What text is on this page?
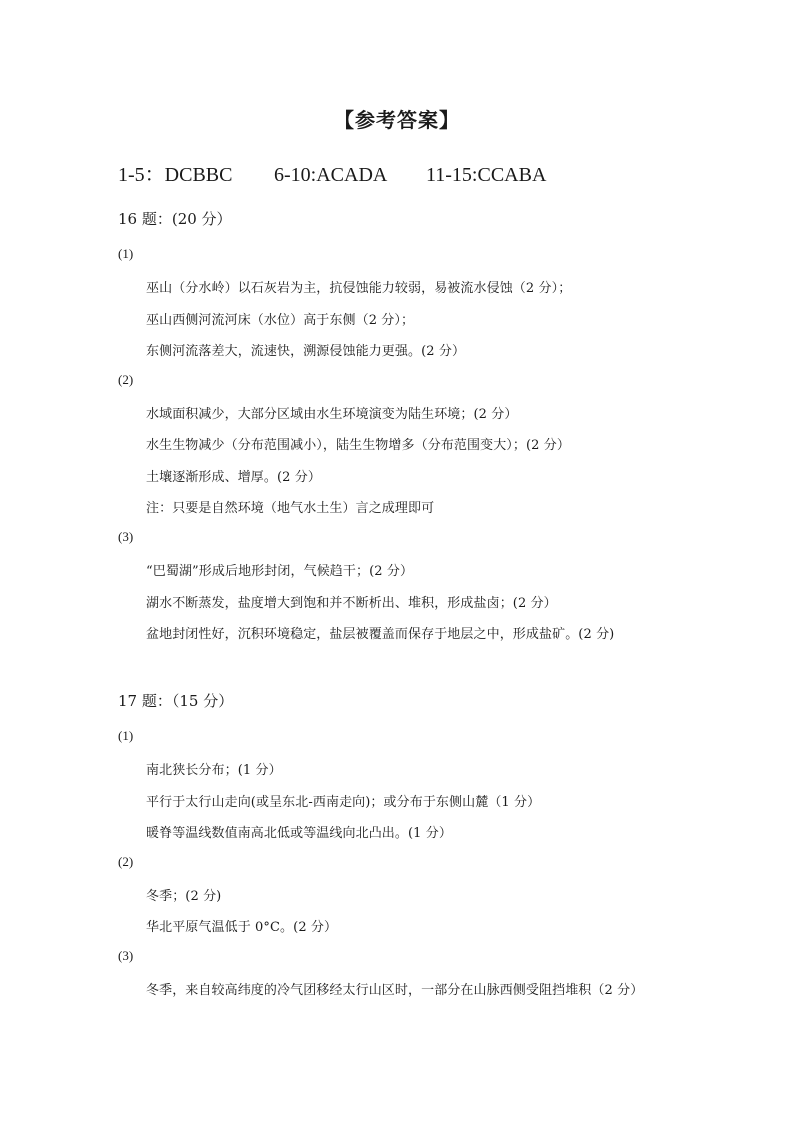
【参考答案】
1-5：DCBBC 6-10:ACADA 11-15:CCABA
16 题：(20 分）
(1)
巫山（分水岭）以石灰岩为主，抗侵蚀能力较弱，易被流水侵蚀（2 分）；
巫山西侧河流河床（水位）高于东侧（2 分）；
东侧河流落差大，流速快，溯源侵蚀能力更强。(2 分）
(2)
水域面积减少，大部分区域由水生环境演变为陆生环境；(2 分）
水生生物减少（分布范围减小），陆生生物增多（分布范围变大）；(2 分）
土壤逐渐形成、增厚。(2 分）
注：只要是自然环境（地气水土生）言之成理即可
(3)
“巴蜀湖”形成后地形封闭，气候趋干；(2 分）
湖水不断蒸发，盐度增大到饱和并不断析出、堆积，形成盐卤；(2 分）
盆地封闭性好，沉积环境稳定，盐层被覆盖而保存于地层之中，形成盐矿。(2 分)
17 题：（15 分）
(1)
南北狭长分布；(1 分）
平行于太行山走向(或呈东北-西南走向)；或分布于东侧山麓（1 分）
暖脊等温线数值南高北低或等温线向北凸出。(1 分）
(2)
冬季；(2 分)
华北平原气温低于 0°C。(2 分）
(3)
冬季，来自较高纬度的冷气团移经太行山区时，一部分在山脉西侧受阻挡堆积（2 分）
